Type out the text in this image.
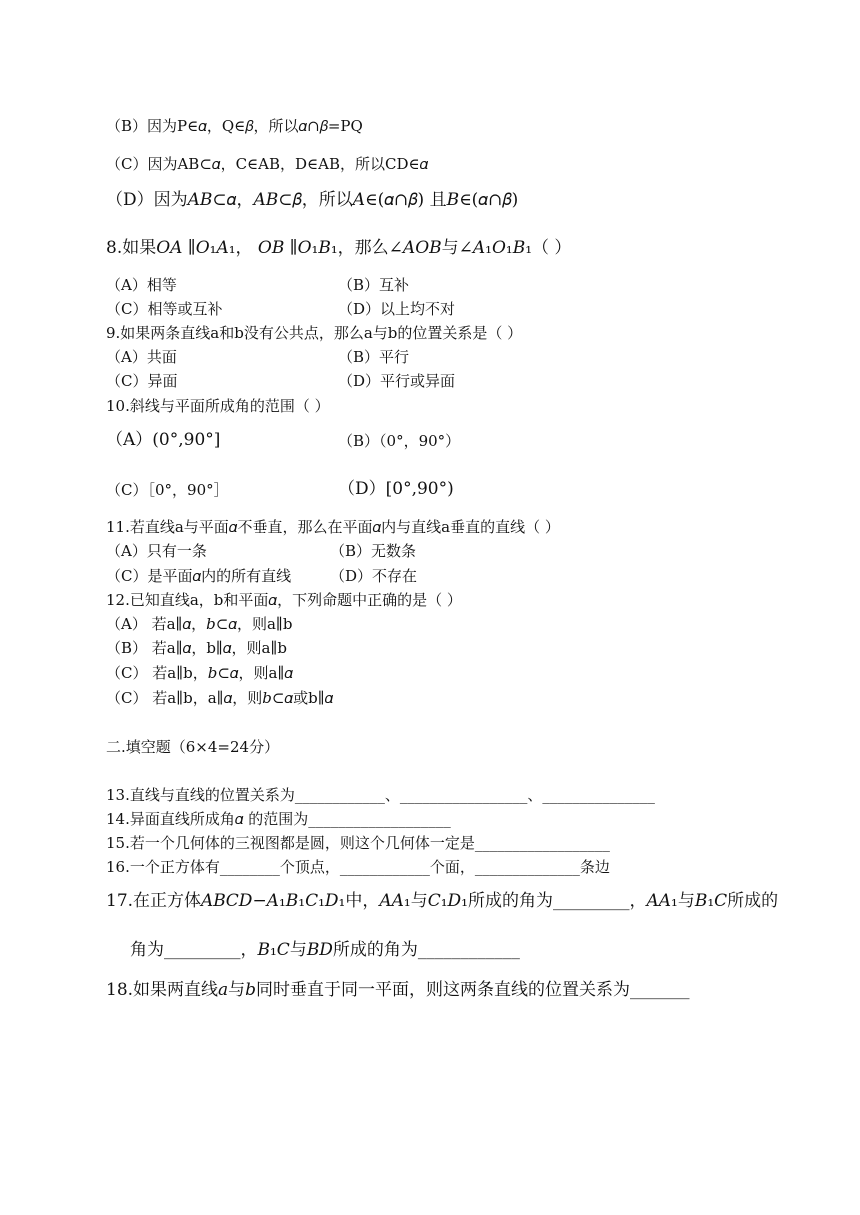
（B）因为P∈𝛼，Q∈𝛽，所以𝛼∩𝛽=PQ
（C）因为AB⊂𝛼，C∈AB，D∈AB，所以CD∈𝛼
（D）因为𝐴𝐵⊂𝛼，𝐴𝐵⊂𝛽，所以𝐴∈(𝛼∩𝛽) 且𝐵∈(𝛼∩𝛽)
8.如果𝑂𝐴 ∥𝑂₁𝐴₁， 𝑂𝐵 ∥𝑂₁𝐵₁，那么∠𝐴𝑂𝐵与∠𝐴₁𝑂₁𝐵₁（ ）
（A）相等	（B）互补
（C）相等或互补	（D）以上均不对
9.如果两条直线a和b没有公共点，那么a与b的位置关系是（ ）
（A）共面	（B）平行
（C）异面	（D）平行或异面
10.斜线与平面所成角的范围（ ）
（A）(0°,90°]	（B）（0°，90°）
（C）［0°，90°］	（D）[0°,90°)
11.若直线a与平面𝛼不垂直，那么在平面𝛼内与直线a垂直的直线（ ）
（A）只有一条	（B）无数条
（C）是平面𝛼内的所有直线	（D）不存在
12.已知直线a，b和平面𝛼，下列命题中正确的是（ ）
（A） 若a∥𝛼，𝑏⊂𝛼，则a∥b
（B） 若a∥𝛼，b∥𝛼，则a∥b
（C） 若a∥b，𝑏⊂𝛼，则a∥𝛼
（C） 若a∥b，a∥𝛼，则𝑏⊂𝛼或b∥𝛼
二.填空题（6×4=24分）
13.直线与直线的位置关系为____________、_________________、_______________
14.异面直线所成角𝛼 的范围为___________________
15.若一个几何体的三视图都是圆，则这个几何体一定是__________________
16.一个正方体有________个顶点，____________个面，______________条边
17.在正方体𝐴𝐵𝐶𝐷−𝐴₁𝐵₁𝐶₁𝐷₁中，𝐴𝐴₁与𝐶₁𝐷₁所成的角为_________，𝐴𝐴₁与𝐵₁𝐶所成的
角为_________，𝐵₁𝐶与𝐵𝐷所成的角为____________
18.如果两直线𝑎与𝑏同时垂直于同一平面，则这两条直线的位置关系为_______
